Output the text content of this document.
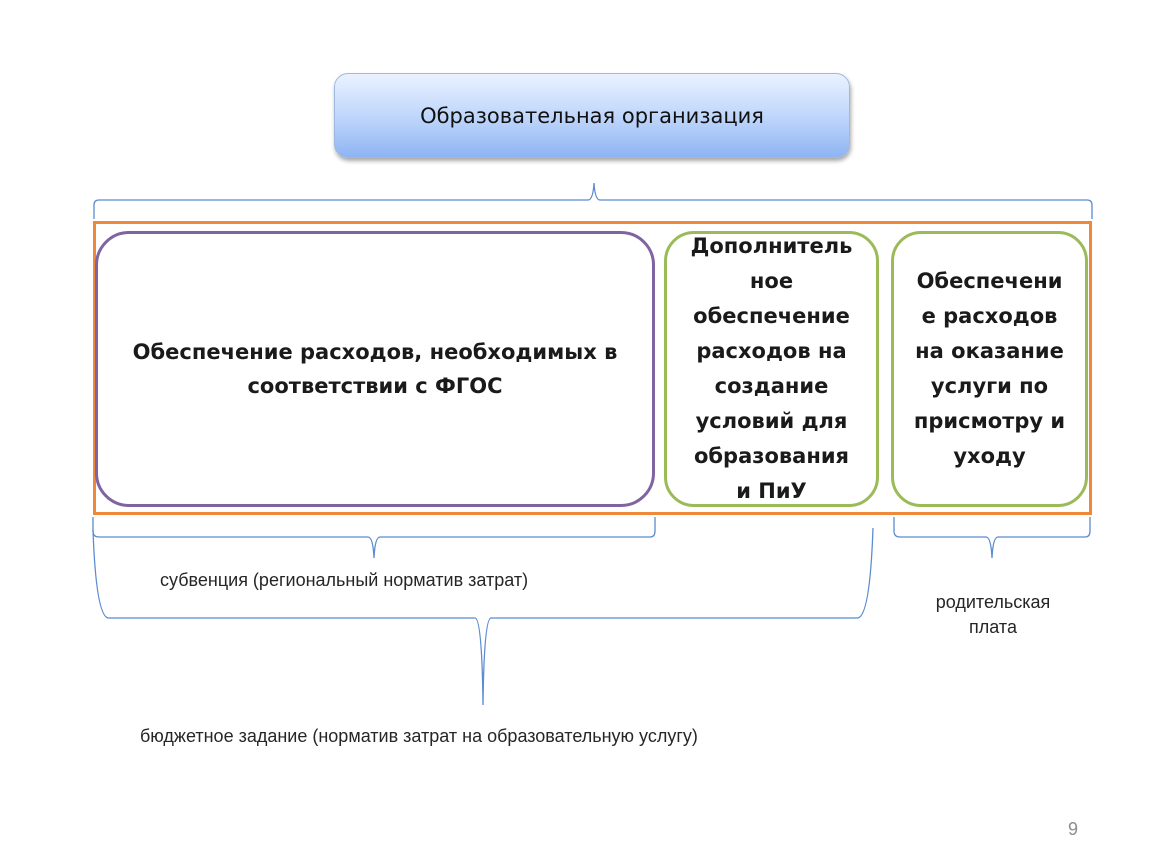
Образовательная организация
Обеспечение расходов, необходимых в
соответствии с ФГОС
Дополнитель
ное
обеспечение
расходов на
создание
условий для
образования
и ПиУ
Обеспечени
е расходов
на оказание
услуги по
присмотру и
уходу
субвенция (региональный норматив затрат)
родительская
плата
бюджетное задание (норматив затрат на образовательную услугу)
9
